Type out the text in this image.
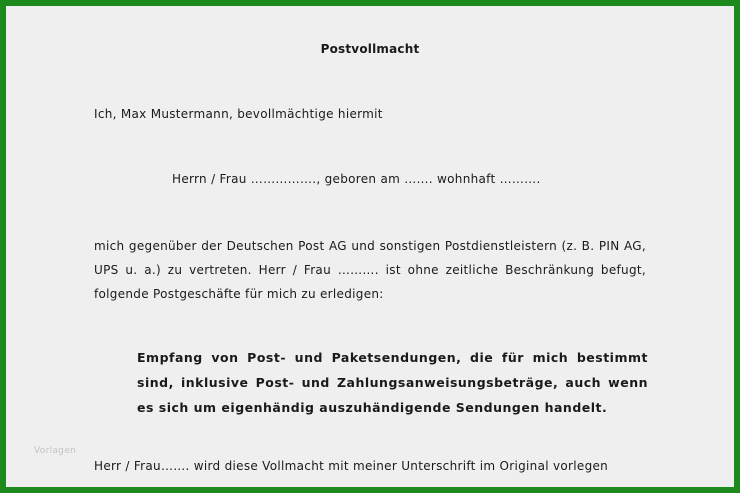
Postvollmacht
Ich, Max Mustermann, bevollmächtige hiermit
Herrn / Frau ……………., geboren am ……. wohnhaft ……….
mich gegenüber der Deutschen Post AG und sonstigen Postdienstleistern (z. B. PIN AG, UPS u. a.) zu vertreten. Herr / Frau ………. ist ohne zeitliche Beschränkung befugt, folgende Postgeschäfte für mich zu erledigen:
Empfang von Post- und Paketsendungen, die für mich bestimmt sind, inklusive Post- und Zahlungsanweisungsbeträge, auch wenn es sich um eigenhändig auszuhändigende Sendungen handelt.
Herr / Frau……. wird diese Vollmacht mit meiner Unterschrift im Original vorlegen
Vorlagen
